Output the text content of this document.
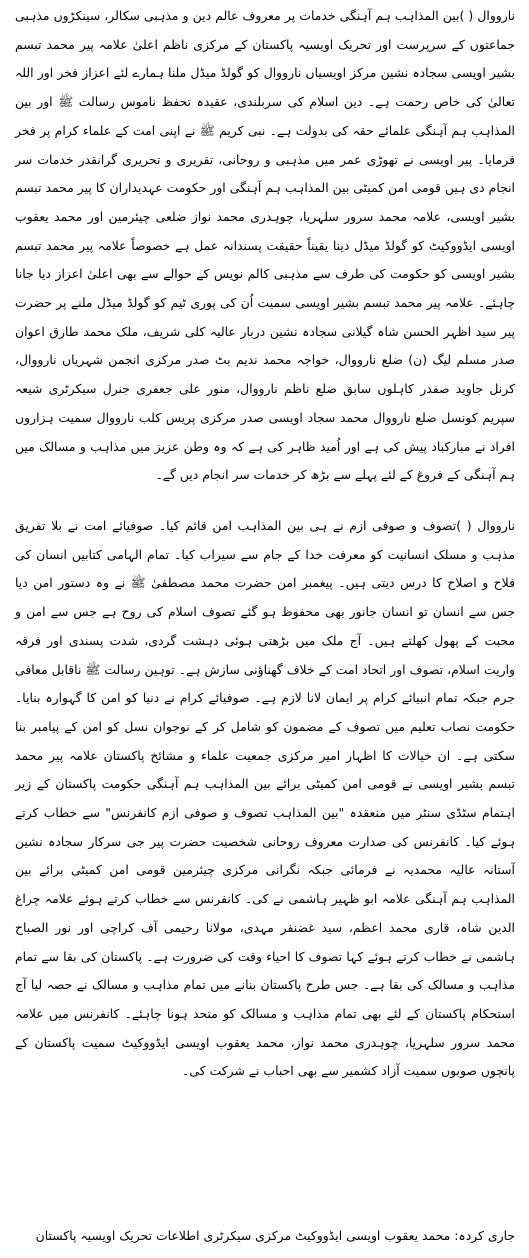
نارووال ( )بین المذاہب ہم آہنگی خدمات پر معروف عالم دین و مذہبی سکالر، سینکڑوں مذہبی جماعتوں کے سرپرست اور تحریک اویسیہ پاکستان کے مرکزی ناظم اعلیٰ علامہ پیر محمد تبسم بشیر اویسی سجادہ نشین مرکز اویسیاں نارووال کو گولڈ میڈل ملنا ہمارے لئے اعزاز فخر اور اللہ تعالیٰ کی خاص رحمت ہے۔ دین اسلام کی سربلندی، عقیدہ تحفظ ناموس رسالت ﷺ اور بین المذاہب ہم آہنگی علمائے حقہ کی بدولت ہے۔ نبی کریم ﷺ نے اپنی امت کے علماء کرام پر فخر فرمایا۔ پیر اویسی نے تھوڑی عمر میں مذہبی و روحانی، تقریری و تحریری گرانقدر خدمات سر انجام دی ہیں قومی امن کمیٹی بین المذاہب ہم آہنگی اور حکومت عہدیداران کا پیر محمد تبسم بشیر اویسی، علامہ محمد سرور سلہریا، چوہدری محمد نواز ضلعی چیئرمین اور محمد یعقوب اویسی ایڈووکیٹ کو گولڈ میڈل دینا یقیناً حقیقت پسندانہ عمل ہے خصوصاً علامہ پیر محمد تبسم بشیر اویسی کو حکومت کی طرف سے مذہبی کالم نویس کے حوالے سے بھی اعلیٰ اعزاز دیا جانا چاہئے۔ علامہ پیر محمد تبسم بشیر اویسی سمیت اُن کی پوری ٹیم کو گولڈ میڈل ملنے پر حضرت پیر سید اظہر الحسن شاہ گیلانی سجادہ نشین دربار عالیہ کلی شریف، ملک محمد طارق اعوان صدر مسلم لیگ (ن) ضلع نارووال، خواجہ محمد ندیم بٹ صدر مرکزی انجمن شہریاں نارووال، کرنل جاوید صفدر کاہلوں سابق ضلع ناظم نارووال، منور علی جعفری جنرل سیکرٹری شیعہ سپریم کونسل ضلع نارووال محمد سجاد اویسی صدر مرکزی پریس کلب نارووال سمیت ہزاروں افراد نے مبارکباد پیش کی ہے اور اُمید ظاہر کی ہے کہ وہ وطن عزیز میں مذاہب و مسالک میں ہم آہنگی کے فروغ کے لئے پہلے سے بڑھ کر خدمات سر انجام دیں گے۔

نارووال ( )تصوف و صوفی ازم نے ہی بین المذاہب امن قائم کیا۔ صوفیائے امت نے بلا تفریق مذہب و مسلک انسانیت کو معرفت خدا کے جام سے سیراب کیا۔ تمام الہامی کتابیں انسان کی فلاح و اصلاح کا درس دیتی ہیں۔ پیغمبر امن حضرت محمد مصطفیٰ ﷺ نے وہ دستور امن دیا جس سے انسان تو انسان جانور بھی محفوظ ہو گئے تصوف اسلام کی روح ہے جس سے امن و محبت کے پھول کھلتے ہیں۔ آج ملک میں بڑھتی ہوئی دہشت گردی، شدت پسندی اور فرقہ واریت اسلام، تصوف اور اتحاد امت کے خلاف گھناؤنی سازش ہے۔ توہین رسالت ﷺ ناقابل معافی جرم جبکہ تمام انبیائے کرام پر ایمان لانا لازم ہے۔ صوفیائے کرام نے دنیا کو امن کا گہوارہ بنایا۔ حکومت نصاب تعلیم میں تصوف کے مضمون کو شامل کر کے نوجوان نسل کو امن کے پیامبر بنا سکتی ہے۔ ان خیالات کا اظہار امیر مرکزی جمعیت علماء و مشائخ پاکستان علامہ پیر محمد تبسم بشیر اویسی نے قومی امن کمیٹی برائے بین المذاہب ہم آہنگی حکومت پاکستان کے زیر اہتمام سٹڈی سنٹر میں منعقدہ "بین المذاہب تصوف و صوفی ازم کانفرنس" سے خطاب کرتے ہوئے کیا۔ کانفرنس کی صدارت معروف روحانی شخصیت حضرت پیر جی سرکار سجادہ نشین آستانہ عالیہ محمدیہ نے فرمائی جبکہ نگرانی مرکزی چیئرمین قومی امن کمیٹی برائے بین المذاہب ہم آہنگی علامہ ابو ظہیر ہاشمی نے کی۔ کانفرنس سے خطاب کرتے ہوئے علامہ چراغ الدین شاہ، قاری محمد اعظم، سید غضنفر مہدی، مولانا رحیمی آف کراچی اور نور الصباح ہاشمی نے خطاب کرتے ہوئے کہا تصوف کا احیاء وقت کی ضرورت ہے۔ پاکستان کی بقا سے تمام مذاہب و مسالک کی بقا ہے۔ جس طرح پاکستان بنانے میں تمام مذاہب و مسالک نے حصہ لیا آج استحکام پاکستان کے لئے بھی تمام مذاہب و مسالک کو متحد ہونا چاہئے۔ کانفرنس میں علامہ محمد سرور سلہریا، چوہدری محمد نواز، محمد یعقوب اویسی ایڈووکیٹ سمیت پاکستان کے پانچوں صوبوں سمیت آزاد کشمیر سے بھی احباب نے شرکت کی۔

جاری کردہ: محمد یعقوب اویسی ایڈووکیٹ مرکزی سیکرٹری اطلاعات تحریک اویسیہ پاکستان
